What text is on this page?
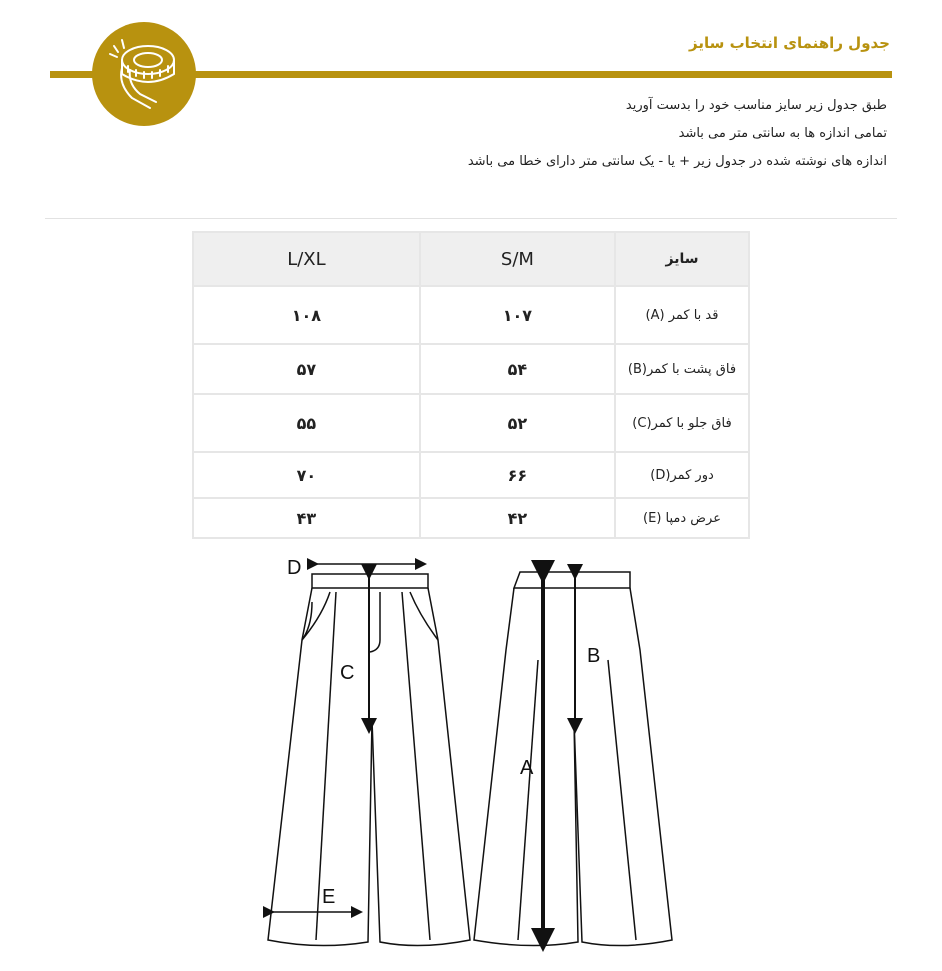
جدول راهنمای انتخاب سایز
طبق جدول زیر سایز مناسب خود را بدست آورید
تمامی اندازه ها به سانتی متر می باشد
اندازه های نوشته شده در جدول زیر + یا - یک سانتی متر دارای خطا می باشد
L/XL	S/M	سایز
۱۰۸	۱۰۷	قد با کمر (A)
۵۷	۵۴	فاق پشت با کمر(B)
۵۵	۵۲	فاق جلو با کمر(C)
۷۰	۶۶	دور کمر(D)
۴۳	۴۲	عرض دمپا (E)
D
C
E
B
A
